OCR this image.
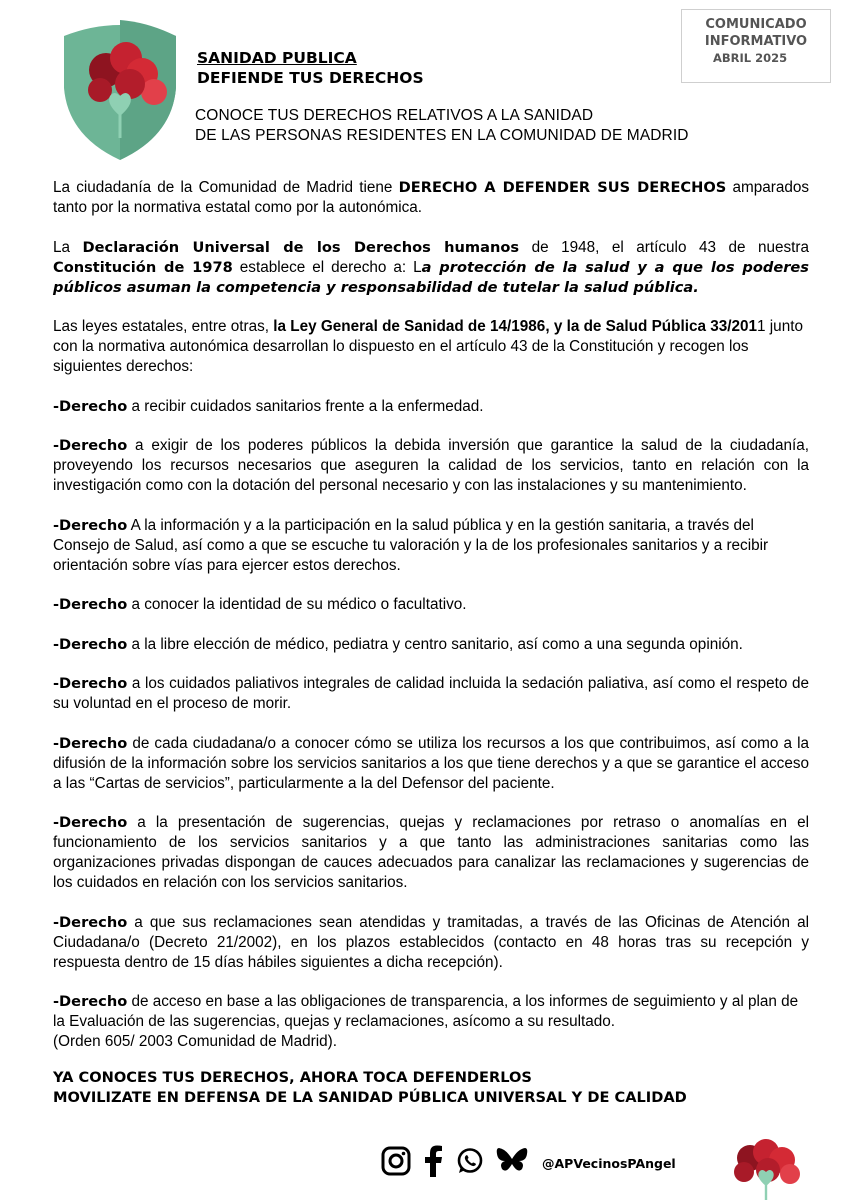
SANIDAD PUBLICA
DEFIENDE TUS DERECHOS
CONOCE TUS DERECHOS RELATIVOS A LA SANIDAD
DE LAS PERSONAS RESIDENTES EN LA COMUNIDAD DE MADRID
COMUNICADO
INFORMATIVO
ABRIL 2025

La ciudadanía de la Comunidad de Madrid tiene DERECHO A DEFENDER SUS DERECHOS amparados tanto por la normativa estatal como por la autonómica.

La Declaración Universal de los Derechos humanos de 1948, el artículo 43 de nuestra Constitución de 1978 establece el derecho a: La protección de la salud y a que los poderes públicos asuman la competencia y responsabilidad de tutelar la salud pública.

Las leyes estatales, entre otras, la Ley General de Sanidad de 14/1986, y la de Salud Pública 33/2011 junto con la normativa autonómica desarrollan lo dispuesto en el artículo 43 de la Constitución y recogen los siguientes derechos:

-Derecho a recibir cuidados sanitarios frente a la enfermedad.

-Derecho a exigir de los poderes públicos la debida inversión que garantice la salud de la ciudadanía, proveyendo los recursos necesarios que aseguren la calidad de los servicios, tanto en relación con la investigación como con la dotación del personal necesario y con las instalaciones y su mantenimiento.

-Derecho A la información y a la participación en la salud pública y en la gestión sanitaria, a través del Consejo de Salud, así como a que se escuche tu valoración y la de los profesionales sanitarios y a recibir orientación sobre vías para ejercer estos derechos.

-Derecho a conocer la identidad de su médico o facultativo.

-Derecho a la libre elección de médico, pediatra y centro sanitario, así como a una segunda opinión.

-Derecho a los cuidados paliativos integrales de calidad incluida la sedación paliativa, así como el respeto de su voluntad en el proceso de morir.

-Derecho de cada ciudadana/o a conocer cómo se utiliza los recursos a los que contribuimos, así como a la difusión de la información sobre los servicios sanitarios a los que tiene derechos y a que se garantice el acceso a las “Cartas de servicios”, particularmente a la del Defensor del paciente.

-Derecho a la presentación de sugerencias, quejas y reclamaciones por retraso o anomalías en el funcionamiento de los servicios sanitarios y a que tanto las administraciones sanitarias como las organizaciones privadas dispongan de cauces adecuados para canalizar las reclamaciones y sugerencias de los cuidados en relación con los servicios sanitarios.

-Derecho a que sus reclamaciones sean atendidas y tramitadas, a través de las Oficinas de Atención al Ciudadana/o (Decreto 21/2002), en los plazos establecidos (contacto en 48 horas tras su recepción y respuesta dentro de 15 días hábiles siguientes a dicha recepción).

-Derecho de acceso en base a las obligaciones de transparencia, a los informes de seguimiento y al plan de la Evaluación de las sugerencias, quejas y reclamaciones, asícomo a su resultado.

(Orden 605/ 2003 Comunidad de Madrid).

YA CONOCES TUS DERECHOS, AHORA TOCA DEFENDERLOS
MOVILIZATE EN DEFENSA DE LA SANIDAD PÚBLICA UNIVERSAL Y DE CALIDAD
@APVecinosPAngel
